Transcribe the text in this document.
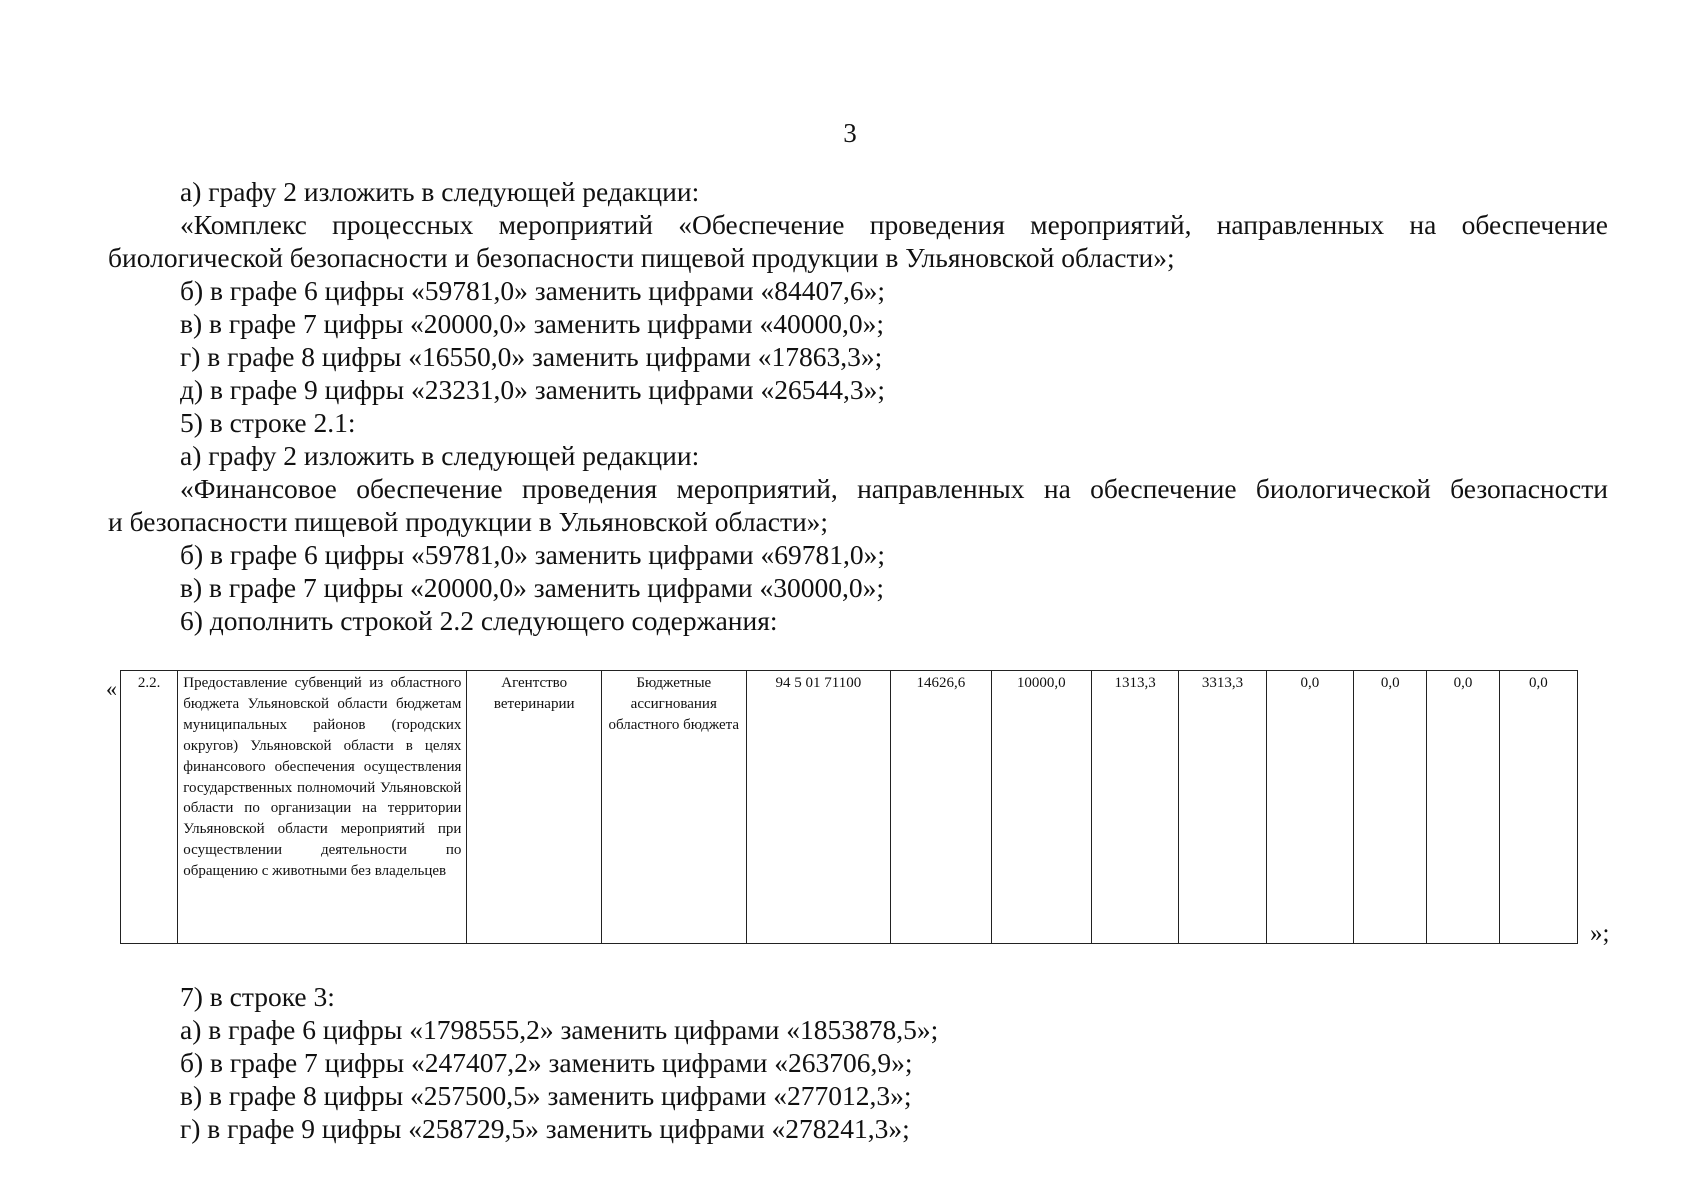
3
а) графу 2 изложить в следующей редакции:
«Комплекс процессных мероприятий «Обеспечение проведения мероприятий, направленных на обеспечение
биологической безопасности и безопасности пищевой продукции в Ульяновской области»;
б) в графе 6 цифры «59781,0» заменить цифрами «84407,6»;
в) в графе 7 цифры «20000,0» заменить цифрами «40000,0»;
г) в графе 8 цифры «16550,0» заменить цифрами «17863,3»;
д) в графе 9 цифры «23231,0» заменить цифрами «26544,3»;
5) в строке 2.1:
а) графу 2 изложить в следующей редакции:
«Финансовое обеспечение проведения мероприятий, направленных на обеспечение биологической безопасности
и безопасности пищевой продукции в Ульяновской области»;
б) в графе 6 цифры «59781,0» заменить цифрами «69781,0»;
в) в графе 7 цифры «20000,0» заменить цифрами «30000,0»;
6) дополнить строкой 2.2 следующего содержания:
« 2.2.	Предоставление субвенций из областного бюджета Ульяновской области бюджетам муниципальных районов (городских округов) Ульяновской области в целях финансового обеспечения осуществления государственных полномочий Ульяновской области по организации на территории Ульяновской области мероприятий при осуществлении деятельности по обращению с животными без владельцев	Агентство ветеринарии	Бюджетные ассигнования областного бюджета	94 5 01 71100	14626,6	10000,0	1313,3	3313,3	0,0	0,0	0,0	0,0
»;
7) в строке 3:
а) в графе 6 цифры «1798555,2» заменить цифрами «1853878,5»;
б) в графе 7 цифры «247407,2» заменить цифрами «263706,9»;
в) в графе 8 цифры «257500,5» заменить цифрами «277012,3»;
г) в графе 9 цифры «258729,5» заменить цифрами «278241,3»;
